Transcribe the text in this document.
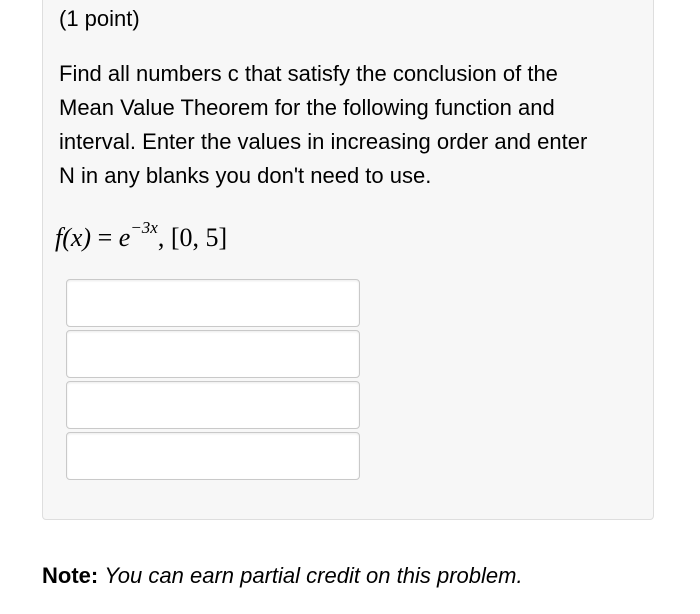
(1 point)
Find all numbers c that satisfy the conclusion of the
Mean Value Theorem for the following function and
interval. Enter the values in increasing order and enter
N in any blanks you don't need to use.
$f(x) = e^{-3x}$, [0, 5]
Note: You can earn partial credit on this problem.
